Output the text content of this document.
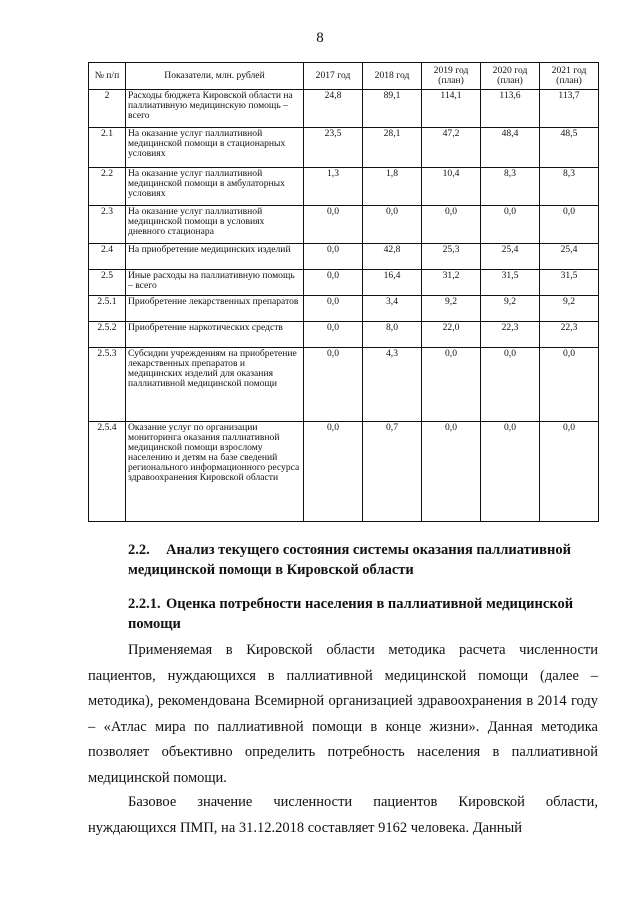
8
№ п/п	Показатели, млн. рублей	2017 год	2018 год	2019 год (план)	2020 год (план)	2021 год (план)
2	Расходы бюджета Кировской области на паллиативную медицинскую помощь – всего	24,8	89,1	114,1	113,6	113,7
2.1	На оказание услуг паллиативной медицинской помощи в стационарных условиях	23,5	28,1	47,2	48,4	48,5
2.2	На оказание услуг паллиативной медицинской помощи в амбулаторных условиях	1,3	1,8	10,4	8,3	8,3
2.3	На оказание услуг паллиативной медицинской помощи в условиях дневного стационара	0,0	0,0	0,0	0,0	0,0
2.4	На приобретение медицинских изделий	0,0	42,8	25,3	25,4	25,4
2.5	Иные расходы на паллиативную помощь – всего	0,0	16,4	31,2	31,5	31,5
2.5.1	Приобретение лекарственных препаратов	0,0	3,4	9,2	9,2	9,2
2.5.2	Приобретение наркотических средств	0,0	8,0	22,0	22,3	22,3
2.5.3	Субсидии учреждениям на приобретение лекарственных препаратов и медицинских изделий для оказания паллиативной медицинской помощи	0,0	4,3	0,0	0,0	0,0
2.5.4	Оказание услуг по организации мониторинга оказания паллиативной медицинской помощи взрослому населению и детям на базе сведений регионального информационного ресурса здравоохранения Кировской области	0,0	0,7	0,0	0,0	0,0
2.2. Анализ текущего состояния системы оказания паллиативной медицинской помощи в Кировской области
2.2.1. Оценка потребности населения в паллиативной медицинской помощи

Применяемая в Кировской области методика расчета численности пациентов, нуждающихся в паллиативной медицинской помощи (далее – методика), рекомендована Всемирной организацией здравоохранения в 2014 году – «Атлас мира по паллиативной помощи в конце жизни». Данная методика позволяет объективно определить потребность населения в паллиативной медицинской помощи.

Базовое значение численности пациентов Кировской области, нуждающихся ПМП, на 31.12.2018 составляет 9162 человека. Данный
